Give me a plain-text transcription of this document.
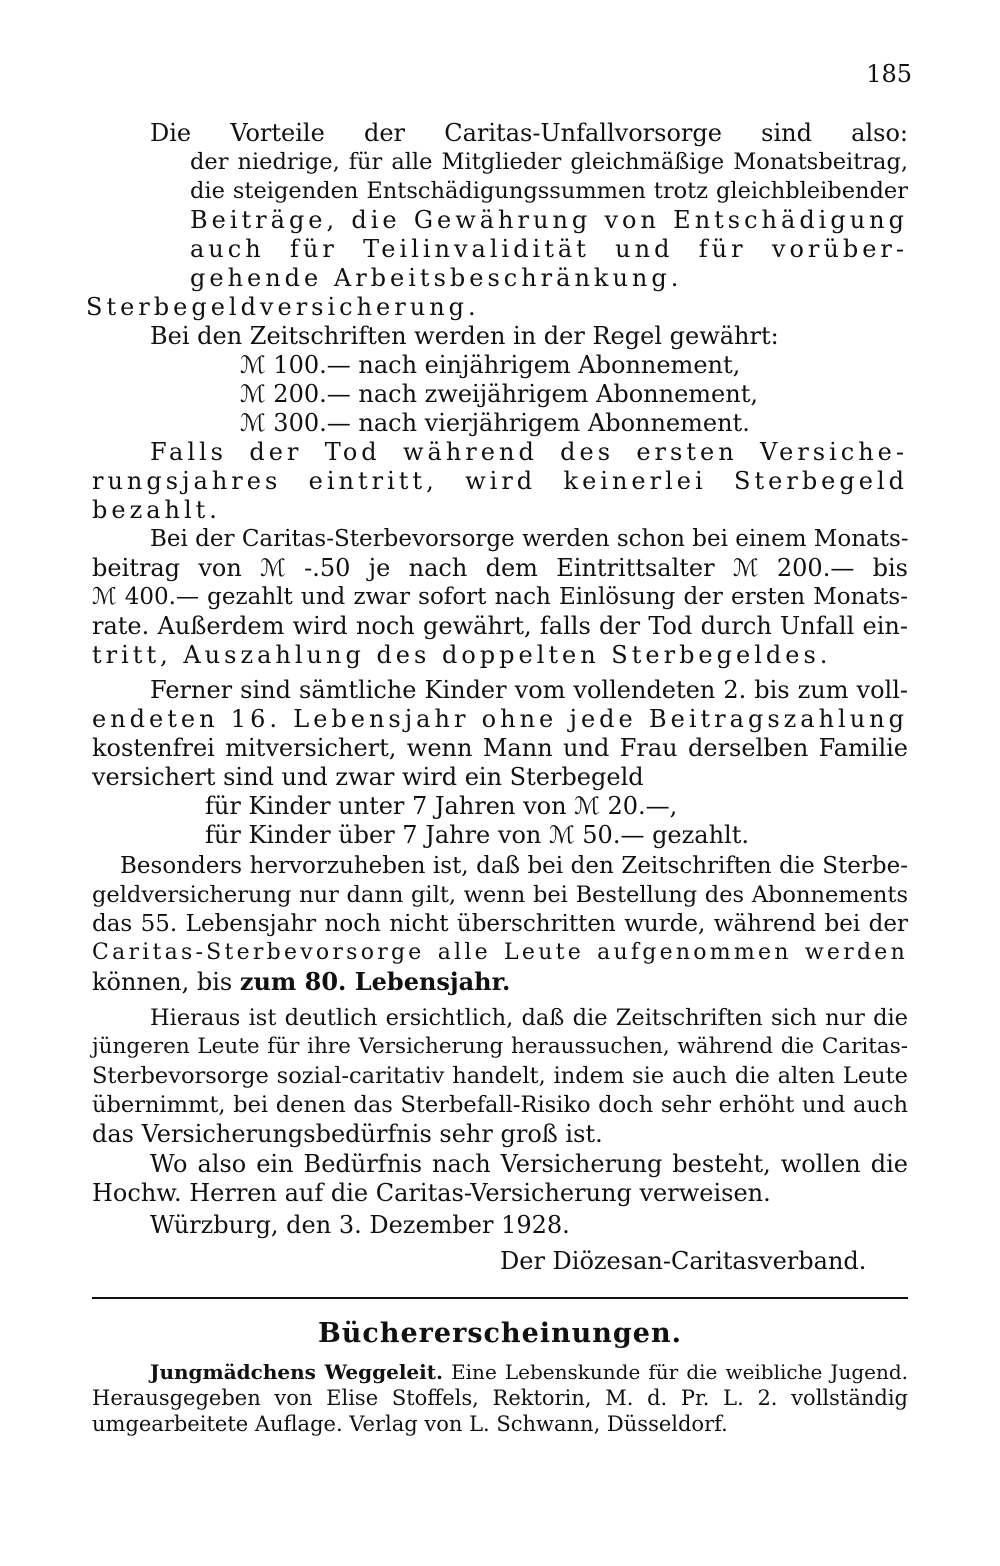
185
Die Vorteile der Caritas-Unfallvorsorge sind also:
der niedrige, für alle Mitglieder gleichmäßige Monatsbeitrag,
die steigenden Entschädigungssummen trotz gleichbleibender
Beiträge, die Gewährung von Entschädigung
auch für Teilinvalidität und für vorüber-
gehende Arbeitsbeschränkung.
Sterbegeldversicherung.
Bei den Zeitschriften werden in der Regel gewährt:
ℳ 100.— nach einjährigem Abonnement,
ℳ 200.— nach zweijährigem Abonnement,
ℳ 300.— nach vierjährigem Abonnement.
Falls der Tod während des ersten Versiche-
rungsjahres eintritt, wird keinerlei Sterbegeld
bezahlt.
Bei der Caritas-Sterbevorsorge werden schon bei einem Monats-
beitrag von ℳ -.50 je nach dem Eintrittsalter ℳ 200.— bis
ℳ 400.— gezahlt und zwar sofort nach Einlösung der ersten Monats-
rate. Außerdem wird noch gewährt, falls der Tod durch Unfall ein-
tritt, Auszahlung des doppelten Sterbegeldes.
Ferner sind sämtliche Kinder vom vollendeten 2. bis zum voll-
endeten 16. Lebensjahr ohne jede Beitragszahlung
kostenfrei mitversichert, wenn Mann und Frau derselben Familie
versichert sind und zwar wird ein Sterbegeld
für Kinder unter 7 Jahren von ℳ 20.—,
für Kinder über 7 Jahre von ℳ 50.— gezahlt.
Besonders hervorzuheben ist, daß bei den Zeitschriften die Sterbe-
geldversicherung nur dann gilt, wenn bei Bestellung des Abonnements
das 55. Lebensjahr noch nicht überschritten wurde, während bei der
Caritas-Sterbevorsorge alle Leute aufgenommen werden
können, bis zum 80. Lebensjahr.
Hieraus ist deutlich ersichtlich, daß die Zeitschriften sich nur die
jüngeren Leute für ihre Versicherung heraussuchen, während die Caritas-
Sterbevorsorge sozial-caritativ handelt, indem sie auch die alten Leute
übernimmt, bei denen das Sterbefall-Risiko doch sehr erhöht und auch
das Versicherungsbedürfnis sehr groß ist.
Wo also ein Bedürfnis nach Versicherung besteht, wollen die
Hochw. Herren auf die Caritas-Versicherung verweisen.
Würzburg, den 3. Dezember 1928.
Der Diözesan-Caritasverband.
Büchererscheinungen.
Jungmädchens Weggeleit. Eine Lebenskunde für die weibliche Jugend.
Herausgegeben von Elise Stoffels, Rektorin, M. d. Pr. L. 2. vollständig
umgearbeitete Auflage. Verlag von L. Schwann, Düsseldorf.
